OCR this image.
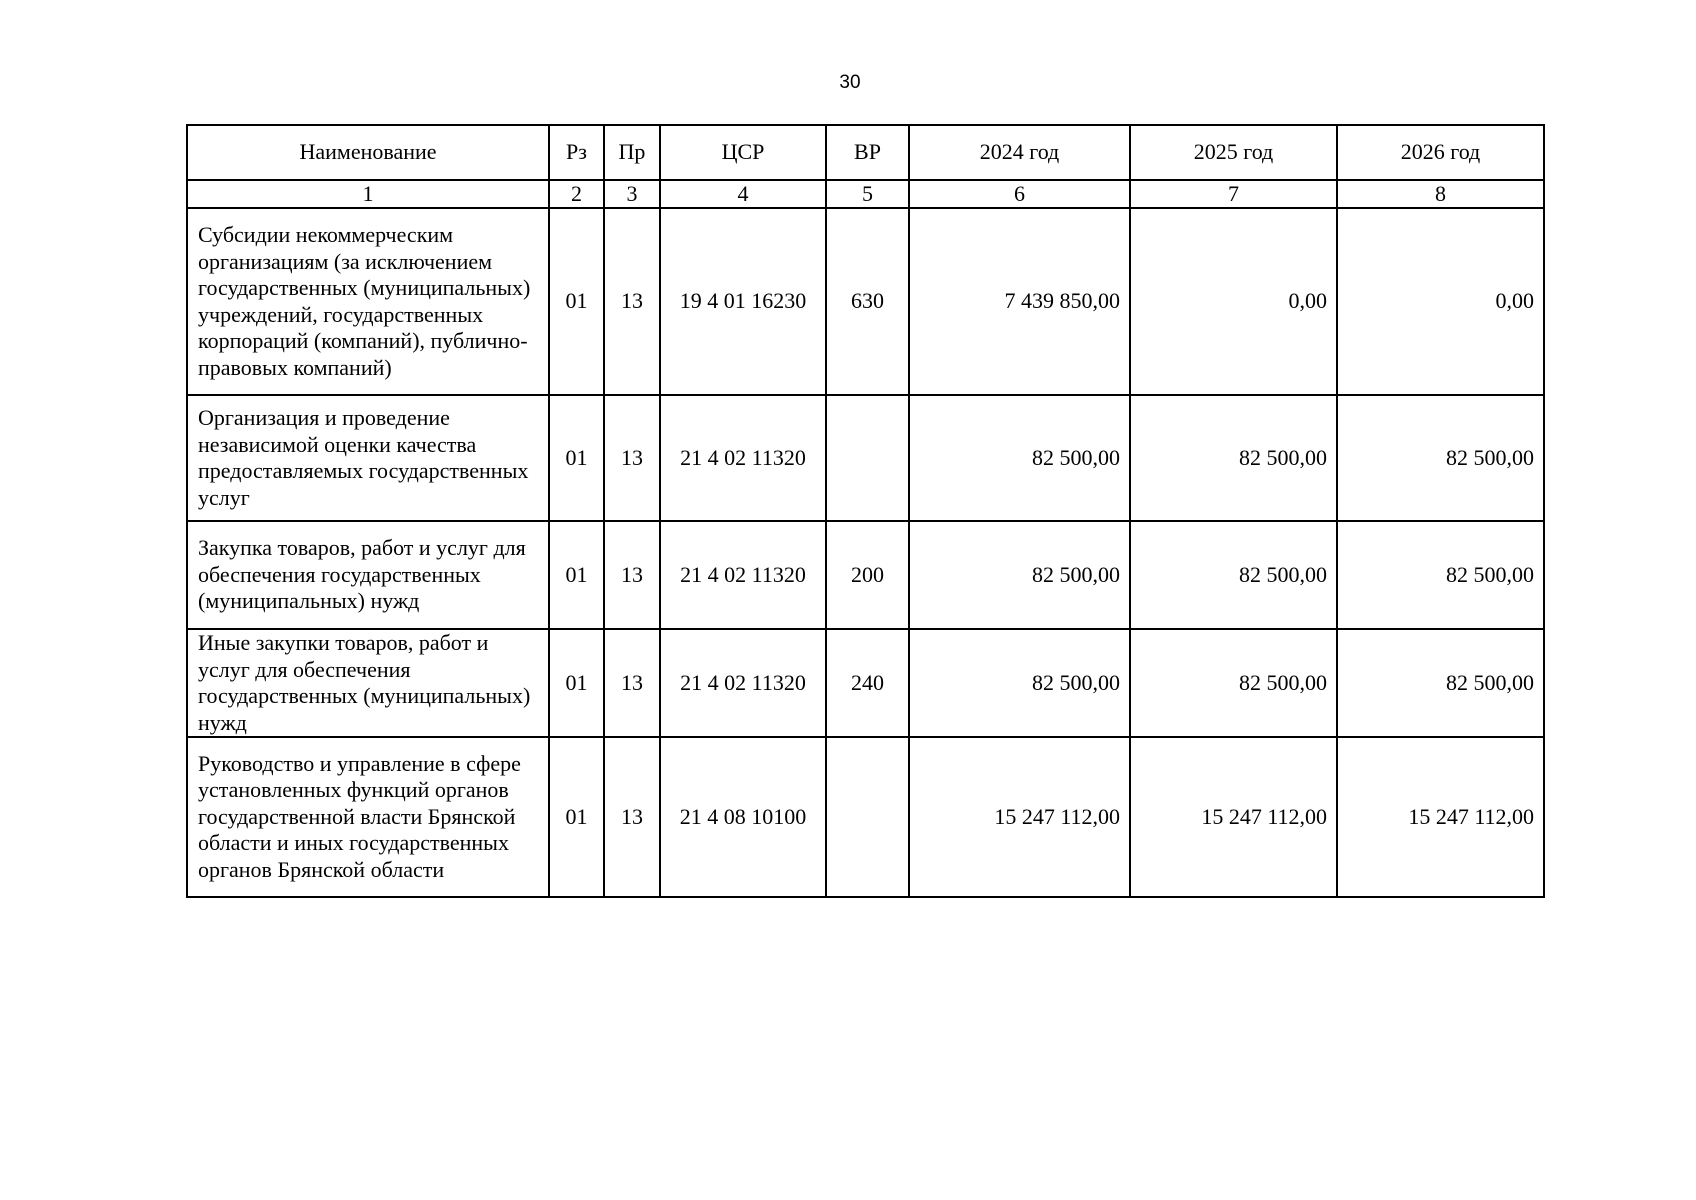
30
Наименование	Рз	Пр	ЦСР	ВР	2024 год	2025 год	2026 год
1	2	3	4	5	6	7	8
Субсидии некоммерческим организациям (за исключением государственных (муниципальных) учреждений, государственных корпораций (компаний), публично-правовых компаний)	01	13	19 4 01 16230	630	7 439 850,00	0,00	0,00
Организация и проведение независимой оценки качества предоставляемых государственных услуг	01	13	21 4 02 11320		82 500,00	82 500,00	82 500,00
Закупка товаров, работ и услуг для обеспечения государственных (муниципальных) нужд	01	13	21 4 02 11320	200	82 500,00	82 500,00	82 500,00
Иные закупки товаров, работ и услуг для обеспечения государственных (муниципальных) нужд	01	13	21 4 02 11320	240	82 500,00	82 500,00	82 500,00
Руководство и управление в сфере установленных функций органов государственной власти Брянской области и иных государственных органов Брянской области	01	13	21 4 08 10100		15 247 112,00	15 247 112,00	15 247 112,00
